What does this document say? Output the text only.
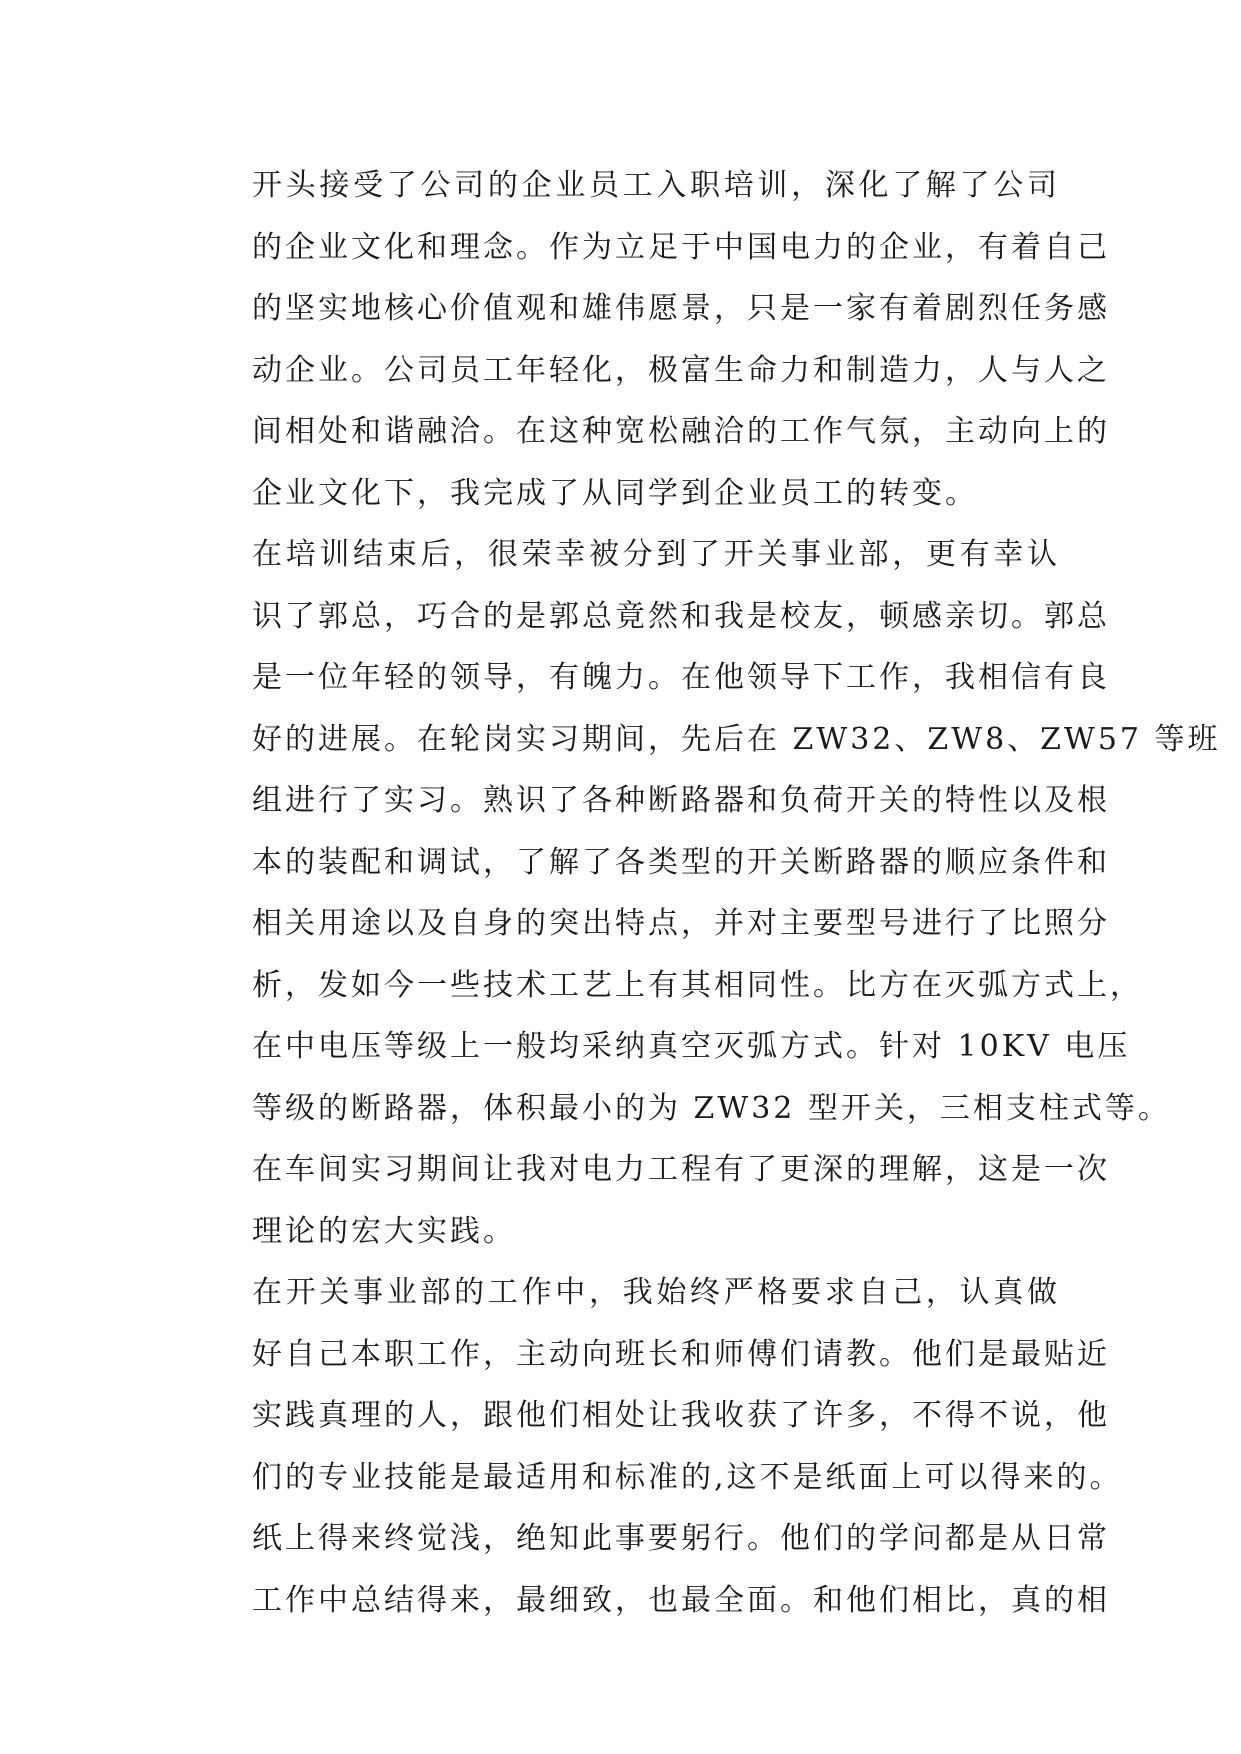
开头接受了公司的企业员工入职培训，深化了解了公司
的企业文化和理念。作为立足于中国电力的企业，有着自己
的坚实地核心价值观和雄伟愿景，只是一家有着剧烈任务感
动企业。公司员工年轻化，极富生命力和制造力，人与人之
间相处和谐融洽。在这种宽松融洽的工作气氛，主动向上的
企业文化下，我完成了从同学到企业员工的转变。
在培训结束后，很荣幸被分到了开关事业部，更有幸认
识了郭总，巧合的是郭总竟然和我是校友，顿感亲切。郭总
是一位年轻的领导，有魄力。在他领导下工作，我相信有良
好的进展。在轮岗实习期间，先后在 ZW32、ZW8、ZW57 等班
组进行了实习。熟识了各种断路器和负荷开关的特性以及根
本的装配和调试，了解了各类型的开关断路器的顺应条件和
相关用途以及自身的突出特点，并对主要型号进行了比照分
析，发如今一些技术工艺上有其相同性。比方在灭弧方式上，
在中电压等级上一般均采纳真空灭弧方式。针对 10KV 电压
等级的断路器，体积最小的为 ZW32 型开关，三相支柱式等。
在车间实习期间让我对电力工程有了更深的理解，这是一次
理论的宏大实践。
在开关事业部的工作中，我始终严格要求自己，认真做
好自己本职工作，主动向班长和师傅们请教。他们是最贴近
实践真理的人，跟他们相处让我收获了许多，不得不说，他
们的专业技能是最适用和标准的,这不是纸面上可以得来的。
纸上得来终觉浅，绝知此事要躬行。他们的学问都是从日常
工作中总结得来，最细致，也最全面。和他们相比，真的相
